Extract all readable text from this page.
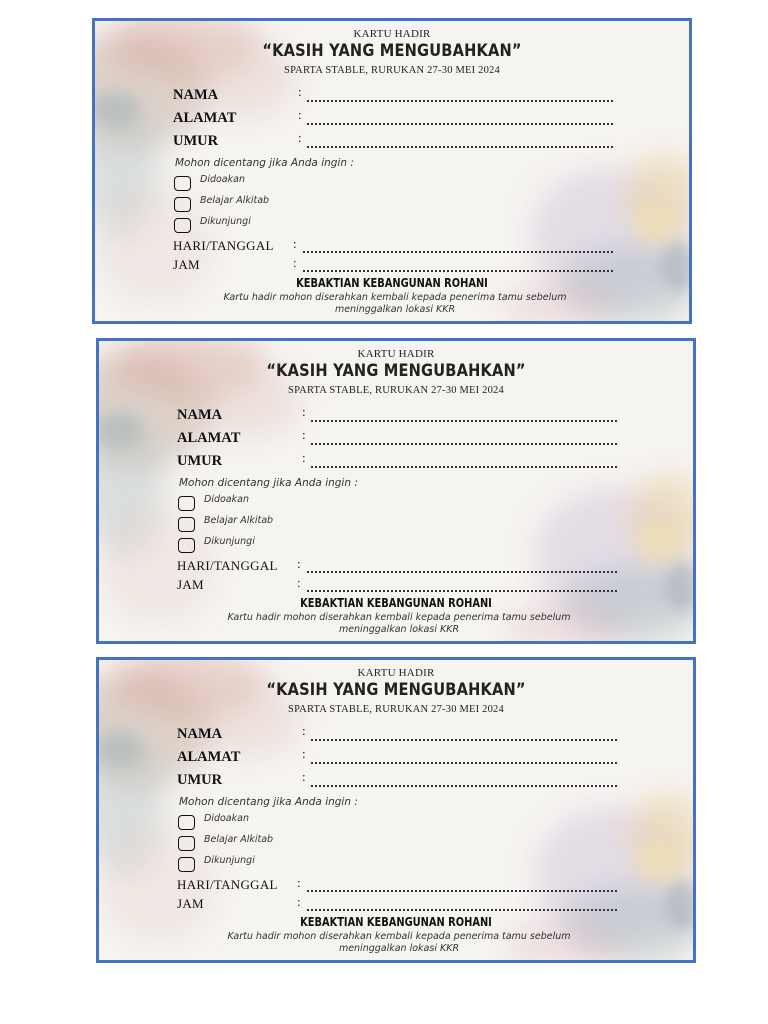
KARTU HADIR
“KASIH YANG MENGUBAHKAN”
SPARTA STABLE, RURUKAN 27-30 MEI 2024
NAMA	:
ALAMAT	:
UMUR	:
Mohon dicentang jika Anda ingin :
Didoakan
Belajar Alkitab
Dikunjungi
HARI/TANGGAL :
JAM	:
KEBAKTIAN KEBANGUNAN ROHANI
Kartu hadir mohon diserahkan kembali kepada penerima tamu sebelum meninggalkan lokasi KKR
KARTU HADIR
“KASIH YANG MENGUBAHKAN”
SPARTA STABLE, RURUKAN 27-30 MEI 2024
NAMA	:
ALAMAT	:
UMUR	:
Mohon dicentang jika Anda ingin :
Didoakan
Belajar Alkitab
Dikunjungi
HARI/TANGGAL :
JAM	:
KEBAKTIAN KEBANGUNAN ROHANI
Kartu hadir mohon diserahkan kembali kepada penerima tamu sebelum meninggalkan lokasi KKR
KARTU HADIR
“KASIH YANG MENGUBAHKAN”
SPARTA STABLE, RURUKAN 27-30 MEI 2024
NAMA	:
ALAMAT	:
UMUR	:
Mohon dicentang jika Anda ingin :
Didoakan
Belajar Alkitab
Dikunjungi
HARI/TANGGAL :
JAM	:
KEBAKTIAN KEBANGUNAN ROHANI
Kartu hadir mohon diserahkan kembali kepada penerima tamu sebelum meninggalkan lokasi KKR
